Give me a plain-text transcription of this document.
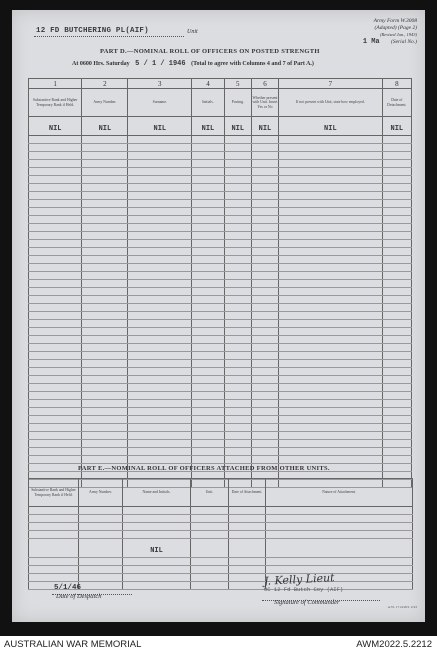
12 FD BUTCHERING PL(AIF)	Unit
Army Form W.3008
(Adapted) (Page 2)
(Revised Jan., 1943)
1 Ma (Serial No.)
PART D.—NOMINAL ROLL OF OFFICERS ON POSTED STRENGTH
At 0600 Hrs. Saturday 5 / 1 / 1946 (Total to agree with Columns 4 and 7 of Part A.)
1	2	3	4	5	6	7	8

Substantive Rank and Higher Temporary Rank if Held.	Army Number.	Surname.	Initials.	Posting.	Whether present with Unit. Insert Yes or No	If not present with Unit, state how employed.	Date of Detachment.

NIL	NIL	NIL	NIL	NIL	NIL	NIL	NIL

PART E.—NOMINAL ROLL OF OFFICERS ATTACHED FROM OTHER UNITS.
Substantive Rank and Higher Temporary Rank if Held.	Army Number.	Name and Initials.	Unit.	Date of Attachment.	Nature of Attachment.

		NIL			

5/1/46
Date of Despatch
J. Kelly Lieut
OC 12 Fd Butch Coy (AIF)
Signature of Commander
A.W. 1714/203. 2/43
AUSTRALIAN WAR MEMORIAL	AWM2022.5.2212
